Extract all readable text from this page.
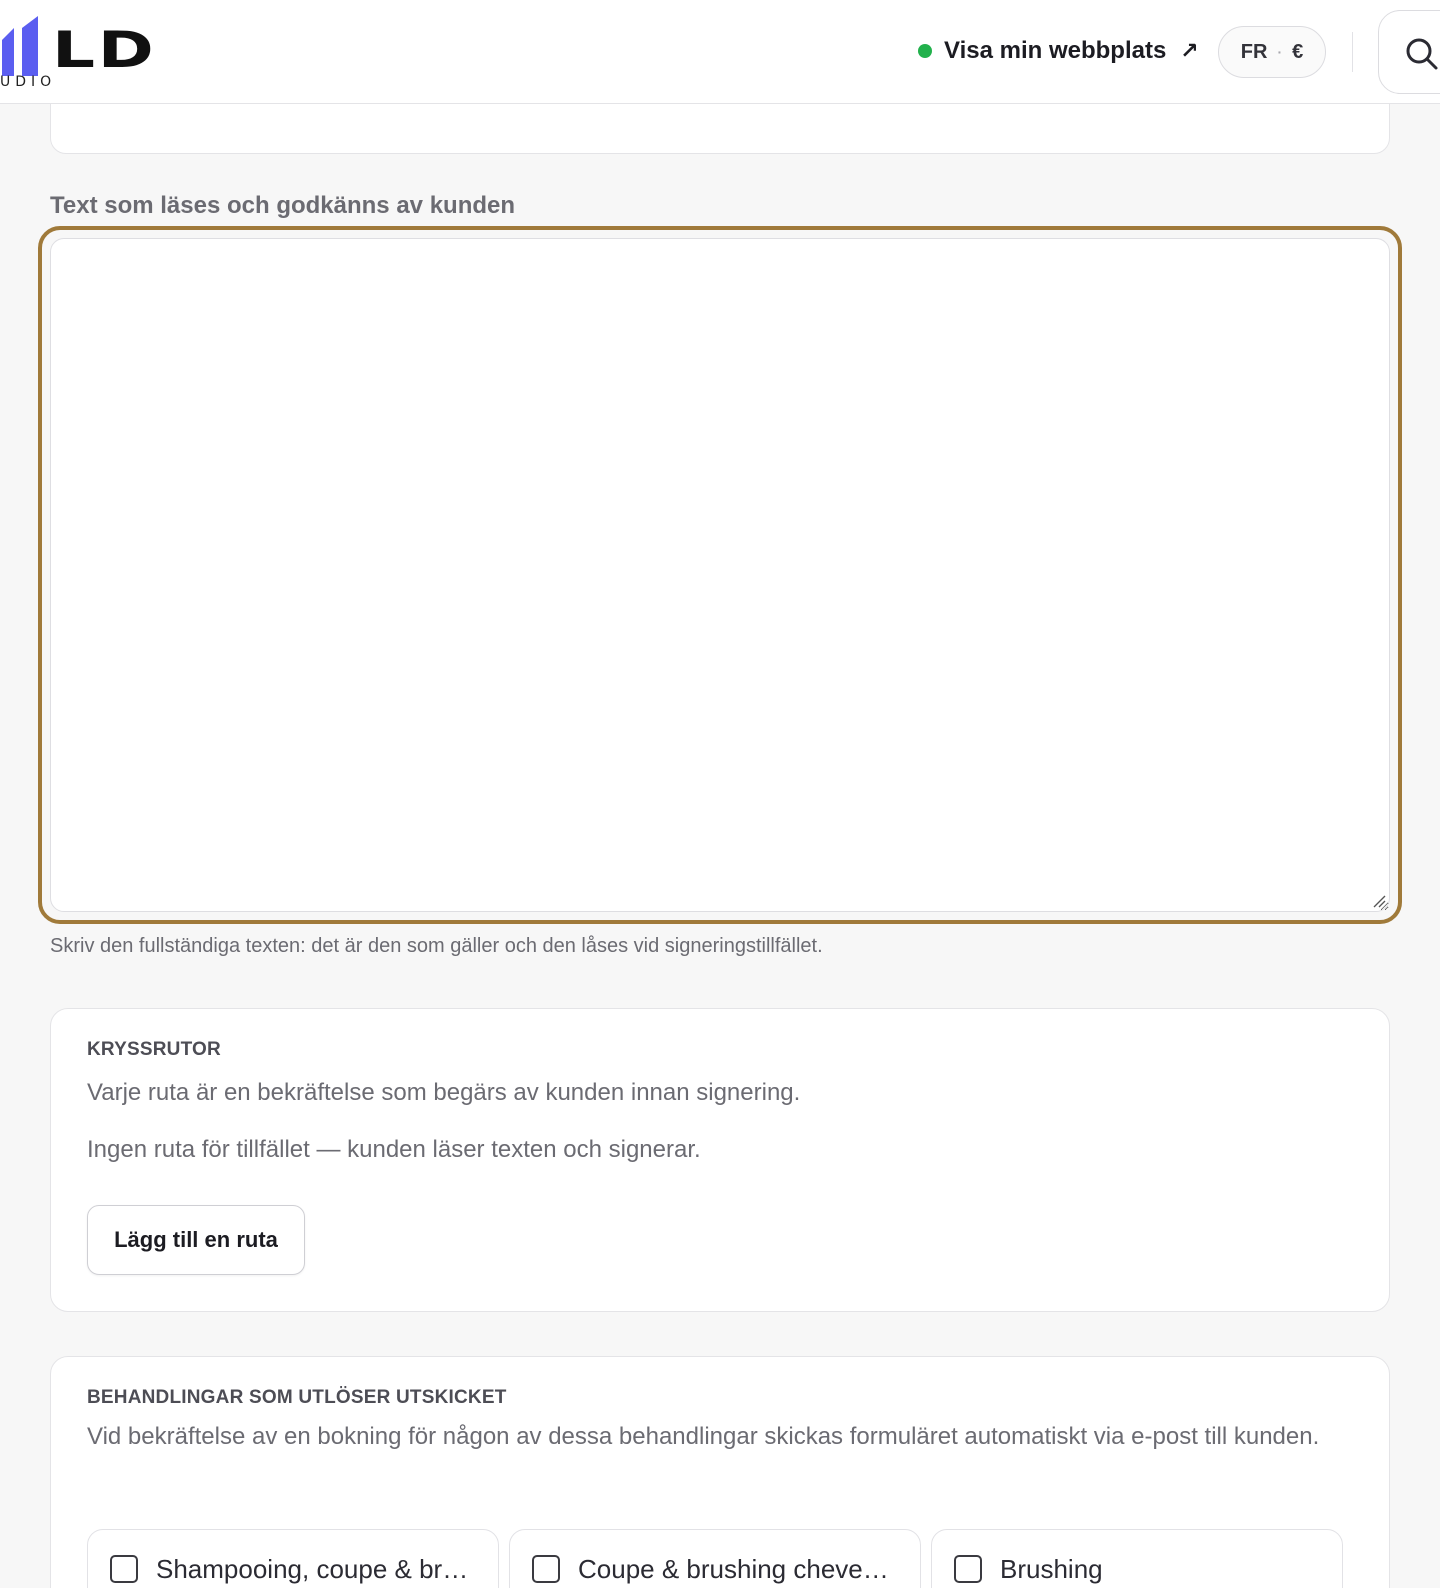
LD
UDIO
Visa min webbplats ↗ FR · €
Text som läses och godkänns av kunden

Skriv den fullständiga texten: det är den som gäller och den låses vid signeringstillfället.

KRYSSRUTOR

Varje ruta är en bekräftelse som begärs av kunden innan signering.

Ingen ruta för tillfället — kunden läser texten och signerar.

Lägg till en ruta
BEHANDLINGAR SOM UTLÖSER UTSKICKET

Vid bekräftelse av en bokning för någon av dessa behandlingar skickas formuläret automatiskt via e-post till kunden.

Shampooing, coupe & br…	Coupe & brushing cheve…	Brushing
